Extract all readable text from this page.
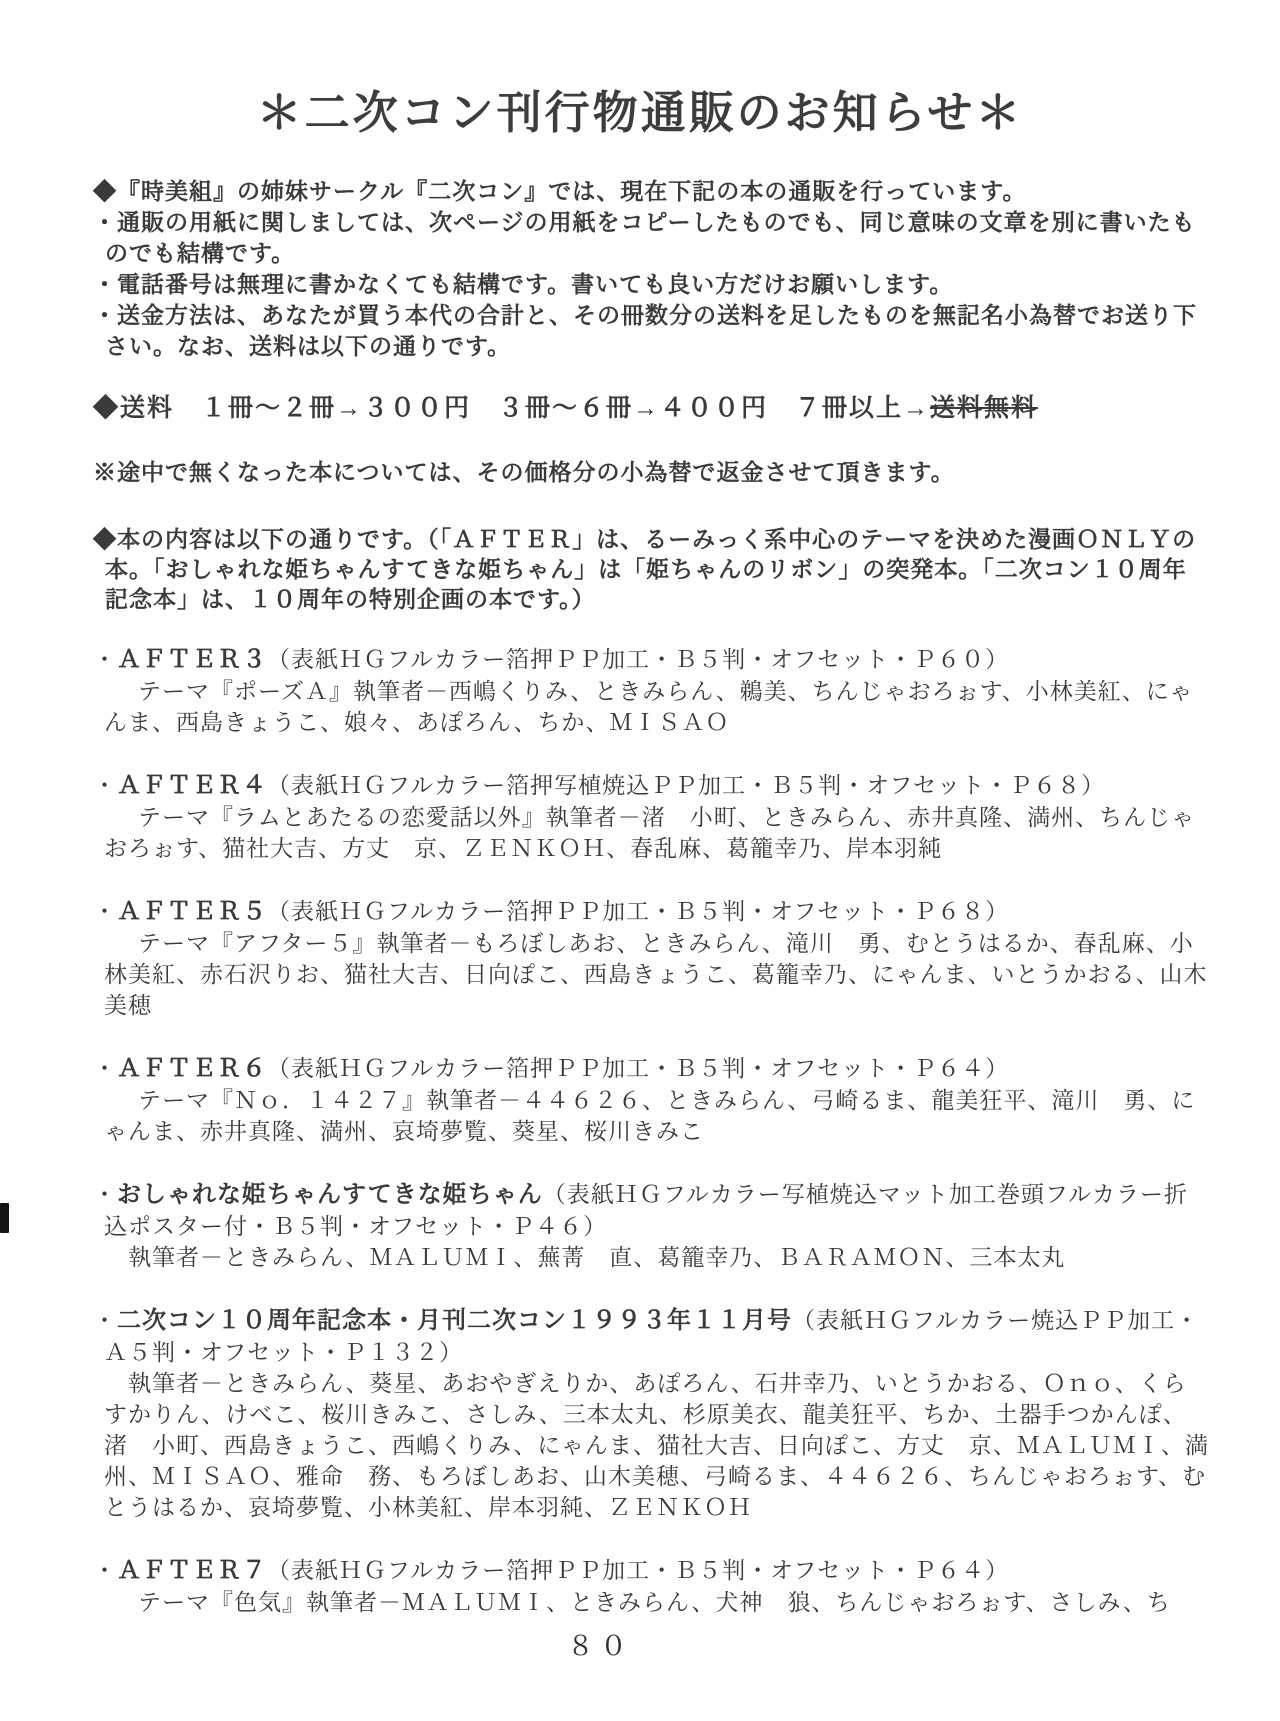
＊二次コン刊行物通販のお知らせ＊

◆『時美組』の姉妹サークル『二次コン』では、現在下記の本の通販を行っています。

・通販の用紙に関しましては、次ページの用紙をコピーしたものでも、同じ意味の文章を別に書いたものでも結構です。

・電話番号は無理に書かなくても結構です。書いても良い方だけお願いします。

・送金方法は、あなたが買う本代の合計と、その冊数分の送料を足したものを無記名小為替でお送り下さい。なお、送料は以下の通りです。

◆送料　１冊～２冊→３００円　３冊～６冊→４００円　７冊以上→送料無料

※途中で無くなった本については、その価格分の小為替で返金させて頂きます。

◆本の内容は以下の通りです。（「ＡＦＴＥＲ」は、るーみっく系中心のテーマを決めた漫画ＯＮＬＹの本。「おしゃれな姫ちゃんすてきな姫ちゃん」は「姫ちゃんのリボン」の突発本。「二次コン１０周年記念本」は、１０周年の特別企画の本です。）

・ＡＦＴＥＲ３（表紙ＨＧフルカラー箔押ＰＰ加工・Ｂ５判・オフセット・Ｐ６０）

テーマ『ポーズＡ』執筆者－西嶋くりみ、ときみらん、鵜美、ちんじゃおろぉす、小林美紅、にゃんま、西島きょうこ、娘々、あぽろん、ちか、ＭＩＳＡＯ

・ＡＦＴＥＲ４（表紙ＨＧフルカラー箔押写植焼込ＰＰ加工・Ｂ５判・オフセット・Ｐ６８）

テーマ『ラムとあたるの恋愛話以外』執筆者－渚　小町、ときみらん、赤井真隆、満州、ちんじゃおろぉす、猫社大吉、方丈　京、ＺＥＮＫＯＨ、春乱麻、葛籠幸乃、岸本羽純

・ＡＦＴＥＲ５（表紙ＨＧフルカラー箔押ＰＰ加工・Ｂ５判・オフセット・Ｐ６８）

テーマ『アフター５』執筆者－もろぼしあお、ときみらん、滝川　勇、むとうはるか、春乱麻、小林美紅、赤石沢りお、猫社大吉、日向ぽこ、西島きょうこ、葛籠幸乃、にゃんま、いとうかおる、山木美穂

・ＡＦＴＥＲ６（表紙ＨＧフルカラー箔押ＰＰ加工・Ｂ５判・オフセット・Ｐ６４）

テーマ『Ｎｏ．１４２７』執筆者－４４６２６、ときみらん、弓崎るま、龍美狂平、滝川　勇、にゃんま、赤井真隆、満州、哀埼夢覧、葵星、桜川きみこ

・おしゃれな姫ちゃんすてきな姫ちゃん（表紙ＨＧフルカラー写植焼込マット加工巻頭フルカラー折込ポスター付・Ｂ５判・オフセット・Ｐ４６）

執筆者－ときみらん、ＭＡＬＵＭＩ、蕪菁　直、葛籠幸乃、ＢＡＲＡＭＯＮ、三本太丸

・二次コン１０周年記念本・月刊二次コン１９９３年１１月号（表紙ＨＧフルカラー焼込ＰＰ加工・Ａ５判・オフセット・Ｐ１３２）

執筆者－ときみらん、葵星、あおやぎえりか、あぽろん、石井幸乃、いとうかおる、Ｏｎｏ、くらすかりん、けべこ、桜川きみこ、さしみ、三本太丸、杉原美衣、龍美狂平、ちか、土器手つかんぽ、渚　小町、西島きょうこ、西嶋くりみ、にゃんま、猫社大吉、日向ぽこ、方丈　京、ＭＡＬＵＭＩ、満州、ＭＩＳＡＯ、雅命　務、もろぼしあお、山木美穂、弓崎るま、４４６２６、ちんじゃおろぉす、むとうはるか、哀埼夢覧、小林美紅、岸本羽純、ＺＥＮＫＯＨ

・ＡＦＴＥＲ７（表紙ＨＧフルカラー箔押ＰＰ加工・Ｂ５判・オフセット・Ｐ６４）

テーマ『色気』執筆者－ＭＡＬＵＭＩ、ときみらん、犬神　狼、ちんじゃおろぉす、さしみ、ち

８０
